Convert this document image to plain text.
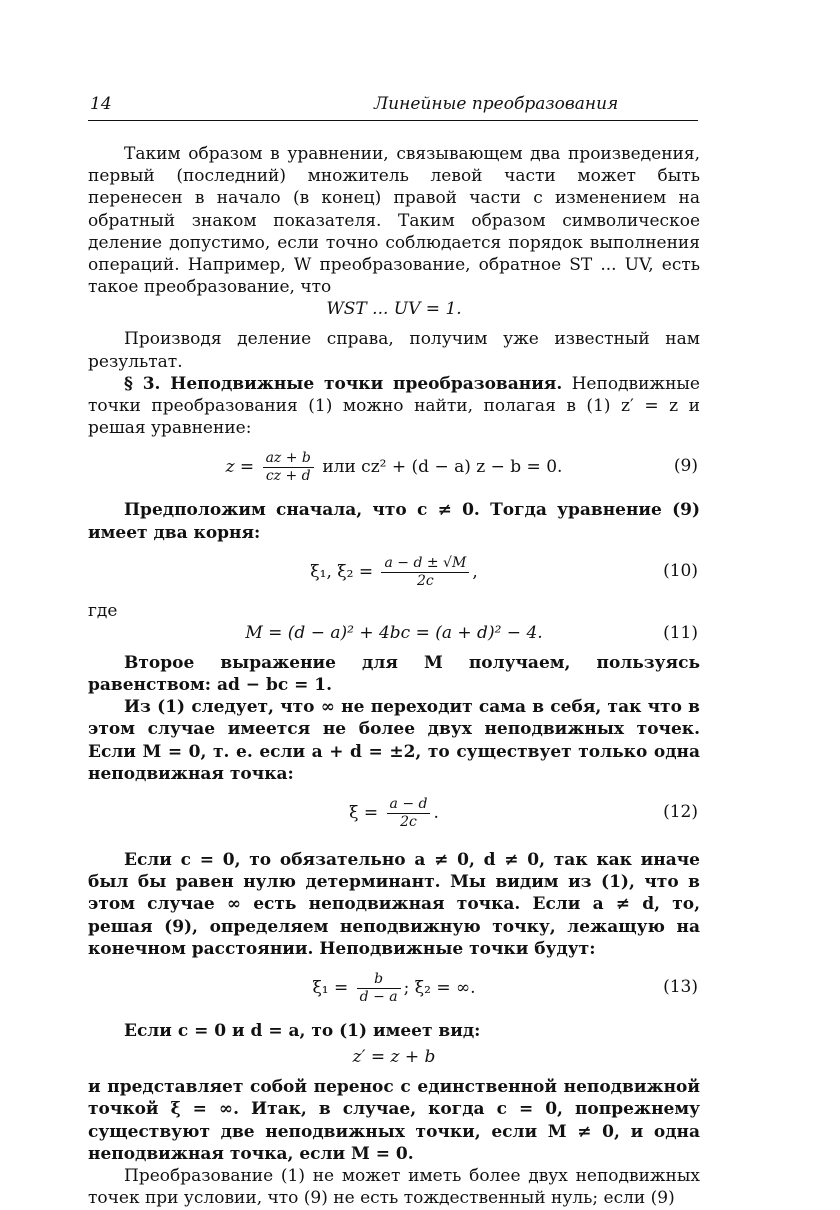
14	Линейные преобразования

Таким образом в уравнении, связывающем два произведения, первый (последний) множитель левой части может быть перенесен в начало (в конец) правой части с изменением на обратный знаком показателя. Таким образом символическое деление допустимо, если точно соблюдается порядок выполнения операций. Например, W преобразование, обратное ST ... UV, есть такое преобразование, что

WST ... UV = 1.

Производя деление справа, получим уже известный нам результат.

§ 3. Неподвижные точки преобразования. Неподвижные точки преобразования (1) можно найти, полагая в (1) z′ = z и решая уравнение:

$z = \frac{az + b}{cz + d}$ или cz² + (d − a) z − b = 0.	(9)

Предположим сначала, что c ≠ 0. Тогда уравнение (9) имеет два корня:

ξ₁, $\xi_2 = \frac{a - d \pm √M}{2c}$ ,	(10)
где
M = (d − a)² + 4bc = (a + d)² − 4.	(11)

Второе выражение для M получаем, пользуясь равенством: ad − bc = 1.

Из (1) следует, что ∞ не переходит сама в себя, так что в этом случае имеется не более двух неподвижных точек. Если M = 0, т. е. если a + d = ±2, то существует только одна неподвижная точка:

$\xi = \frac{a - d}{2c}$ .	(12)

Если c = 0, то обязательно a ≠ 0, d ≠ 0, так как иначе был бы равен нулю детерминант. Мы видим из (1), что в этом случае ∞ есть неподвижная точка. Если a ≠ d, то, решая (9), определяем неподвижную точку, лежащую на конечном расстоянии. Неподвижные точки будут:

$\xi_1 = \frac{b}{d - a}$ ; ξ₂ = ∞.	(13)

Если c = 0 и d = a, то (1) имеет вид:

z′ = z + b

и представляет собой перенос с единственной неподвижной точкой ξ = ∞. Итак, в случае, когда c = 0, попрежнему существуют две неподвижных точки, если M ≠ 0, и одна неподвижная точка, если M = 0.

Преобразование (1) не может иметь более двух неподвижных точек при условии, что (9) не есть тождественный нуль; если (9)
